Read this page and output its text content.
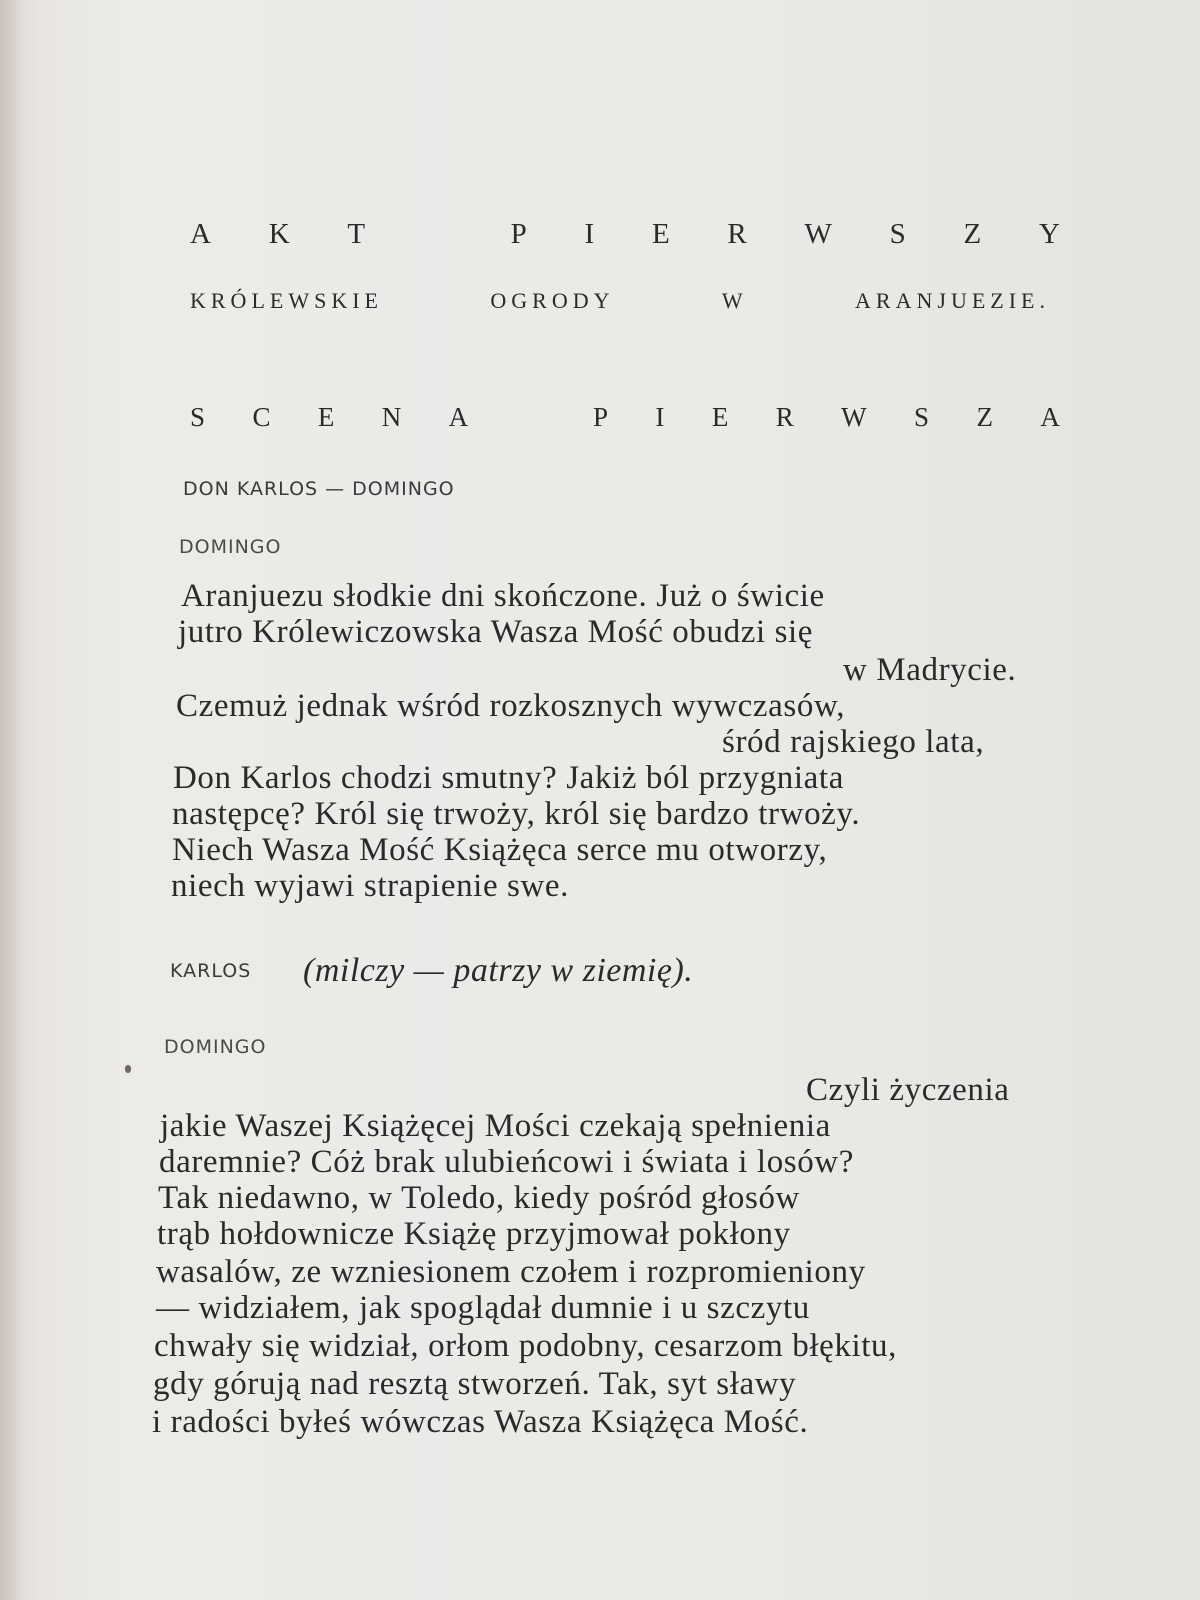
A K T	P I E R W S Z Y
KRÓLEWSKIE	OGRODY	W	ARANJUEZIE.
S C E N A	P I E R W S Z A
DON KARLOS — DOMINGO
DOMINGO
Aranjuezu słodkie dni skończone. Już o świcie
jutro Królewiczowska Wasza Mość obudzi się
w Madrycie.
Czemuż jednak wśród rozkosznych wywczasów,
śród rajskiego lata,
Don Karlos chodzi smutny? Jakiż ból przygniata
następcę? Król się trwoży, król się bardzo trwoży.
Niech Wasza Mość Książęca serce mu otworzy,
niech wyjawi strapienie swe.
KARLOS (milczy — patrzy w ziemię).
DOMINGO
Czyli życzenia
jakie Waszej Książęcej Mości czekają spełnienia
daremnie? Cóż brak ulubieńcowi i świata i losów?
Tak niedawno, w Toledo, kiedy pośród głosów
trąb hołdownicze Książę przyjmował pokłony
wasalów, ze wzniesionem czołem i rozpromieniony
— widziałem, jak spoglądał dumnie i u szczytu
chwały się widział, orłom podobny, cesarzom błękitu,
gdy górują nad resztą stworzeń. Tak, syt sławy
i radości byłeś wówczas Wasza Książęca Mość.
